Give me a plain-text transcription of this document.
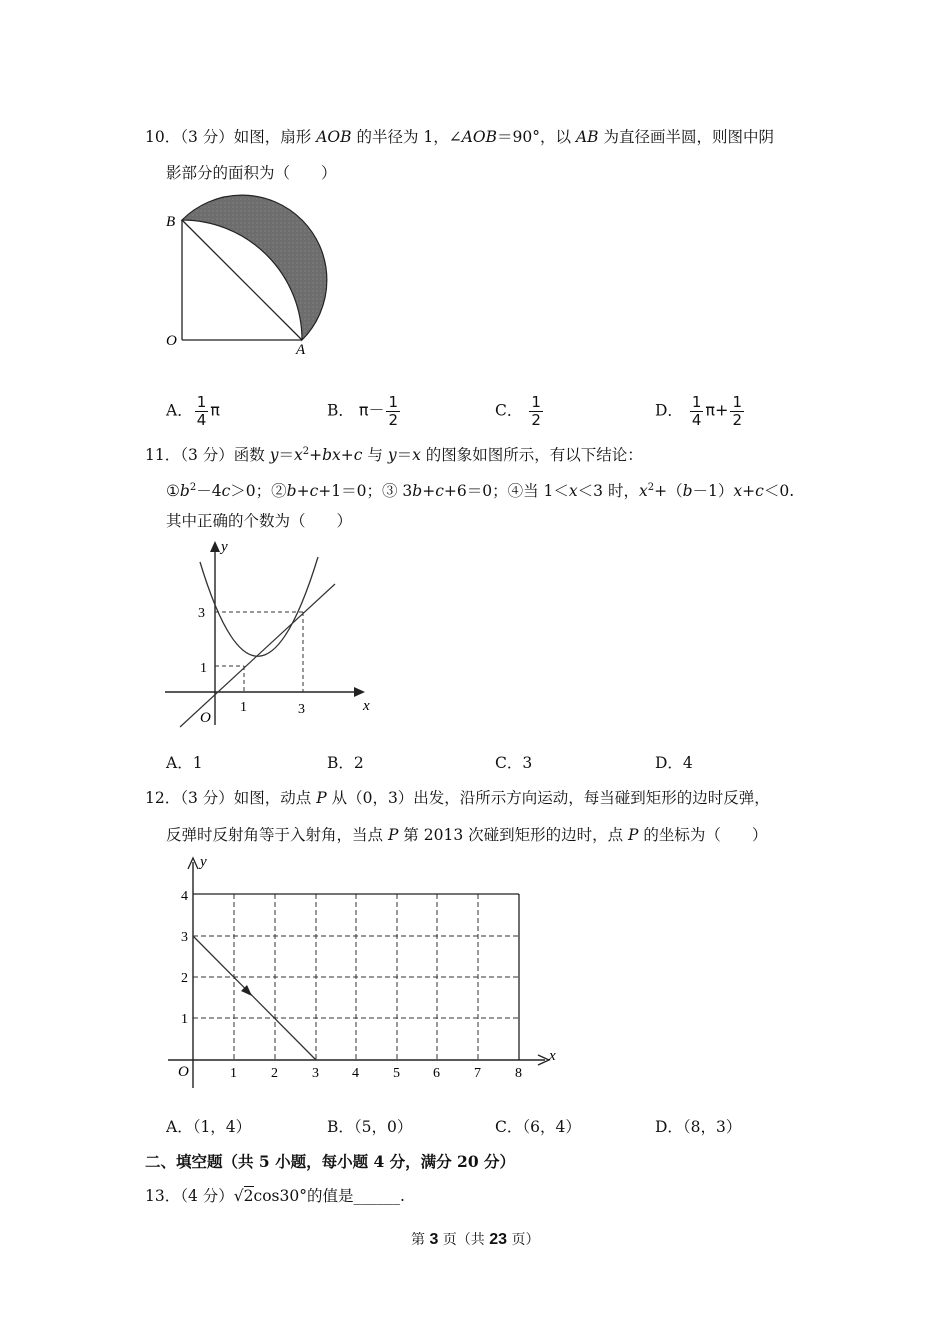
10．（3 分）如图，扇形 AOB 的半径为 1，∠AOB＝90°，以 AB 为直径画半圆，则图中阴
影部分的面积为（　　）
B
O
A
A． $\frac{1}{4}$ π	B． $\pi- \frac{1}{2}$	C． $\frac{1}{2}$	D． $\frac{1}{4} \pi+ \frac{1}{2}$
11．（3 分）函数 $y=x^2+bx+c$ 与 y＝x 的图象如图所示，有以下结论：
$①b^2-4c>0$；②b+c+1＝0；③ 3b+c+6＝0；④当 1＜x＜3 时，$x^2+(b-1)x+c<0$.
其中正确的个数为（　　）
y
x
O
1	3
1
3
A．1	B．2	C．3	D．4
12．（3 分）如图，动点 P 从（0，3）出发，沿所示方向运动，每当碰到矩形的边时反弹，
反弹时反射角等于入射角，当点 P 第 2013 次碰到矩形的边时，点 P 的坐标为（　　）
y
x
O	1 2 3 4 5 6 7 8
1
2
3
4
A．（1，4）	B．（5，0）	C．（6，4）	D．（8，3）
二、填空题（共 5 小题，每小题 4 分，满分 20 分）
13．（4 分）√2cos30°的值是______.
第 3 页（共 23 页）
